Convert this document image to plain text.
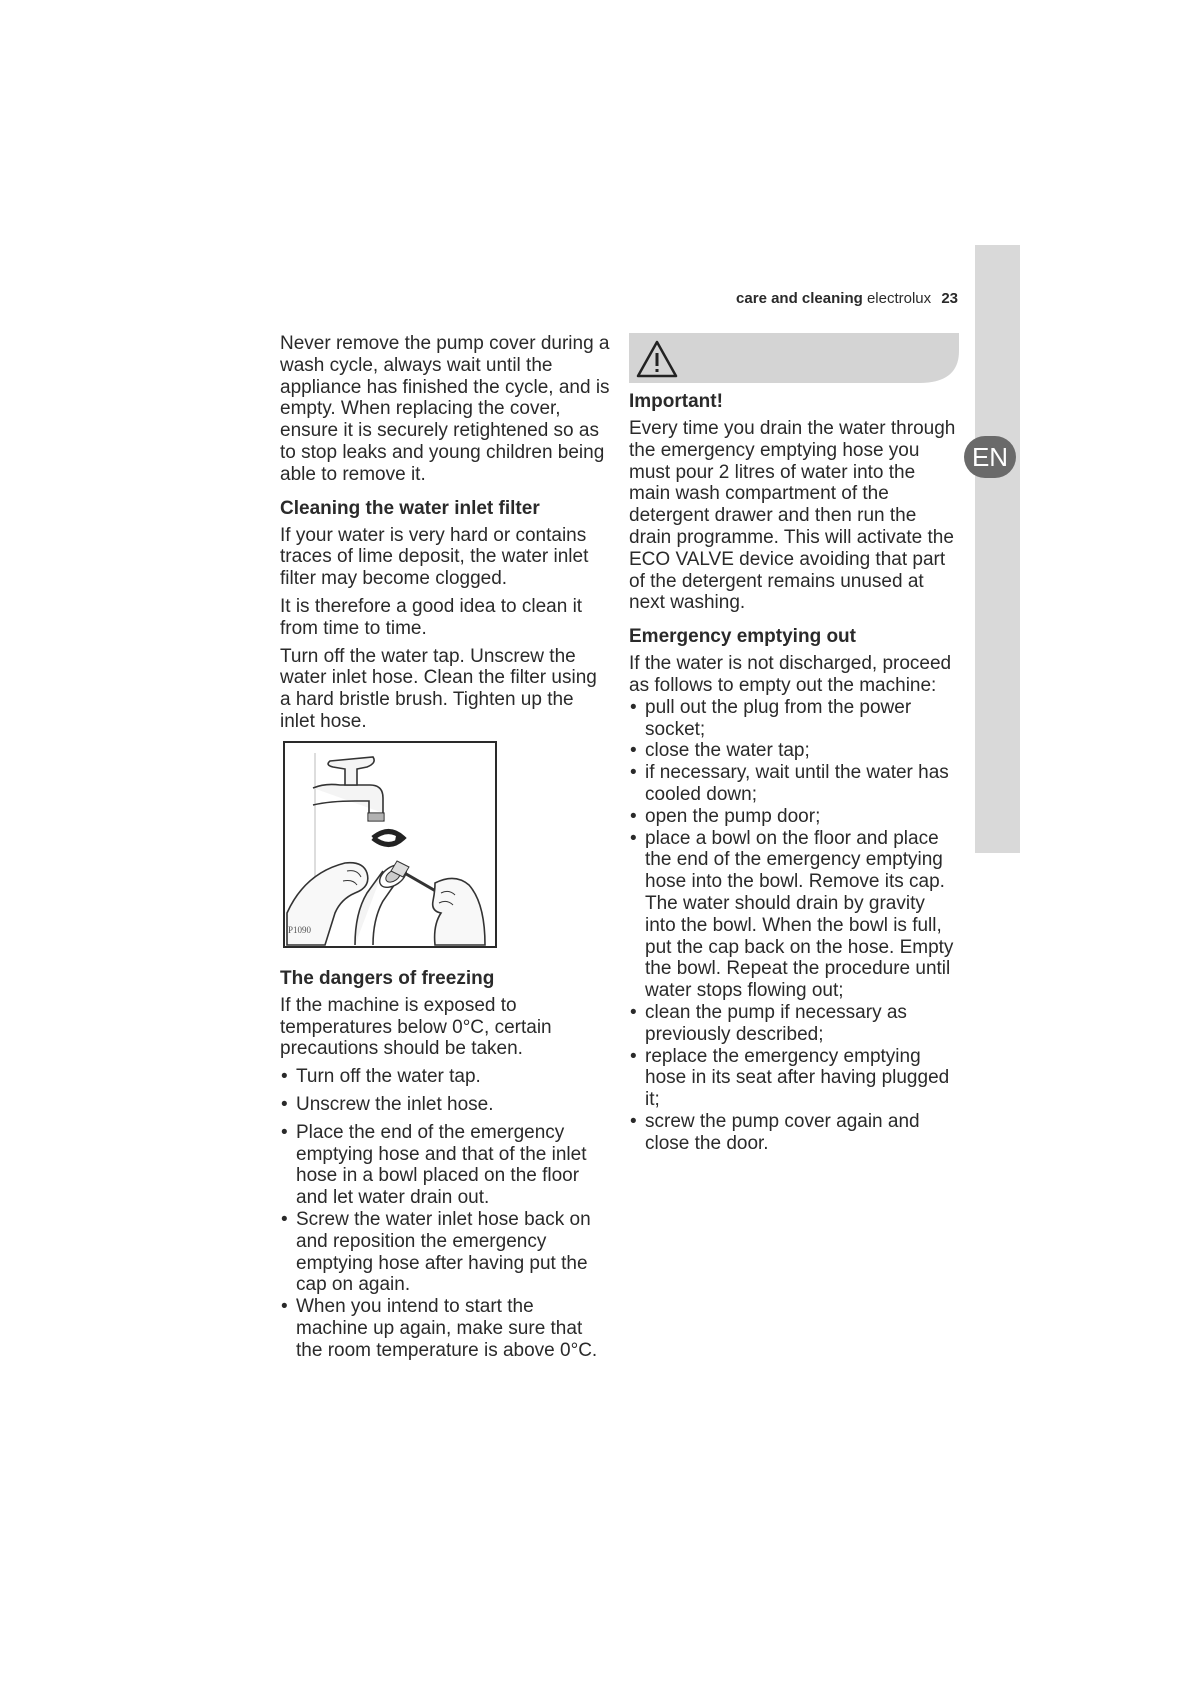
EN
care and cleaning electrolux 23

Never remove the pump cover during a wash cycle, always wait until the appliance has finished the cycle, and is empty. When replacing the cover, ensure it is securely retightened so as to stop leaks and young children being able to remove it.

Cleaning the water inlet filter

If your water is very hard or contains traces of lime deposit, the water inlet filter may become clogged.

It is therefore a good idea to clean it from time to time.

Turn off the water tap. Unscrew the water inlet hose. Clean the filter using a hard bristle brush. Tighten up the inlet hose.

P1090
The dangers of freezing

If the machine is exposed to temperatures below 0°C, certain precautions should be taken.

• Turn off the water tap.
• Unscrew the inlet hose.
• Place the end of the emergency emptying hose and that of the inlet hose in a bowl placed on the floor and let water drain out.
• Screw the water inlet hose back on and reposition the emergency emptying hose after having put the cap on again.
• When you intend to start the machine up again, make sure that the room temperature is above 0°C.
Important!

Every time you drain the water through the emergency emptying hose you must pour 2 litres of water into the main wash compartment of the detergent drawer and then run the drain programme. This will activate the ECO VALVE device avoiding that part of the detergent remains unused at next washing.

Emergency emptying out

If the water is not discharged, proceed as follows to empty out the machine:

• pull out the plug from the power socket;
• close the water tap;
• if necessary, wait until the water has cooled down;
• open the pump door;
• place a bowl on the floor and place the end of the emergency emptying hose into the bowl. Remove its cap. The water should drain by gravity into the bowl. When the bowl is full, put the cap back on the hose. Empty the bowl. Repeat the procedure until water stops flowing out;
• clean the pump if necessary as previously described;
• replace the emergency emptying hose in its seat after having plugged it;
• screw the pump cover again and close the door.
